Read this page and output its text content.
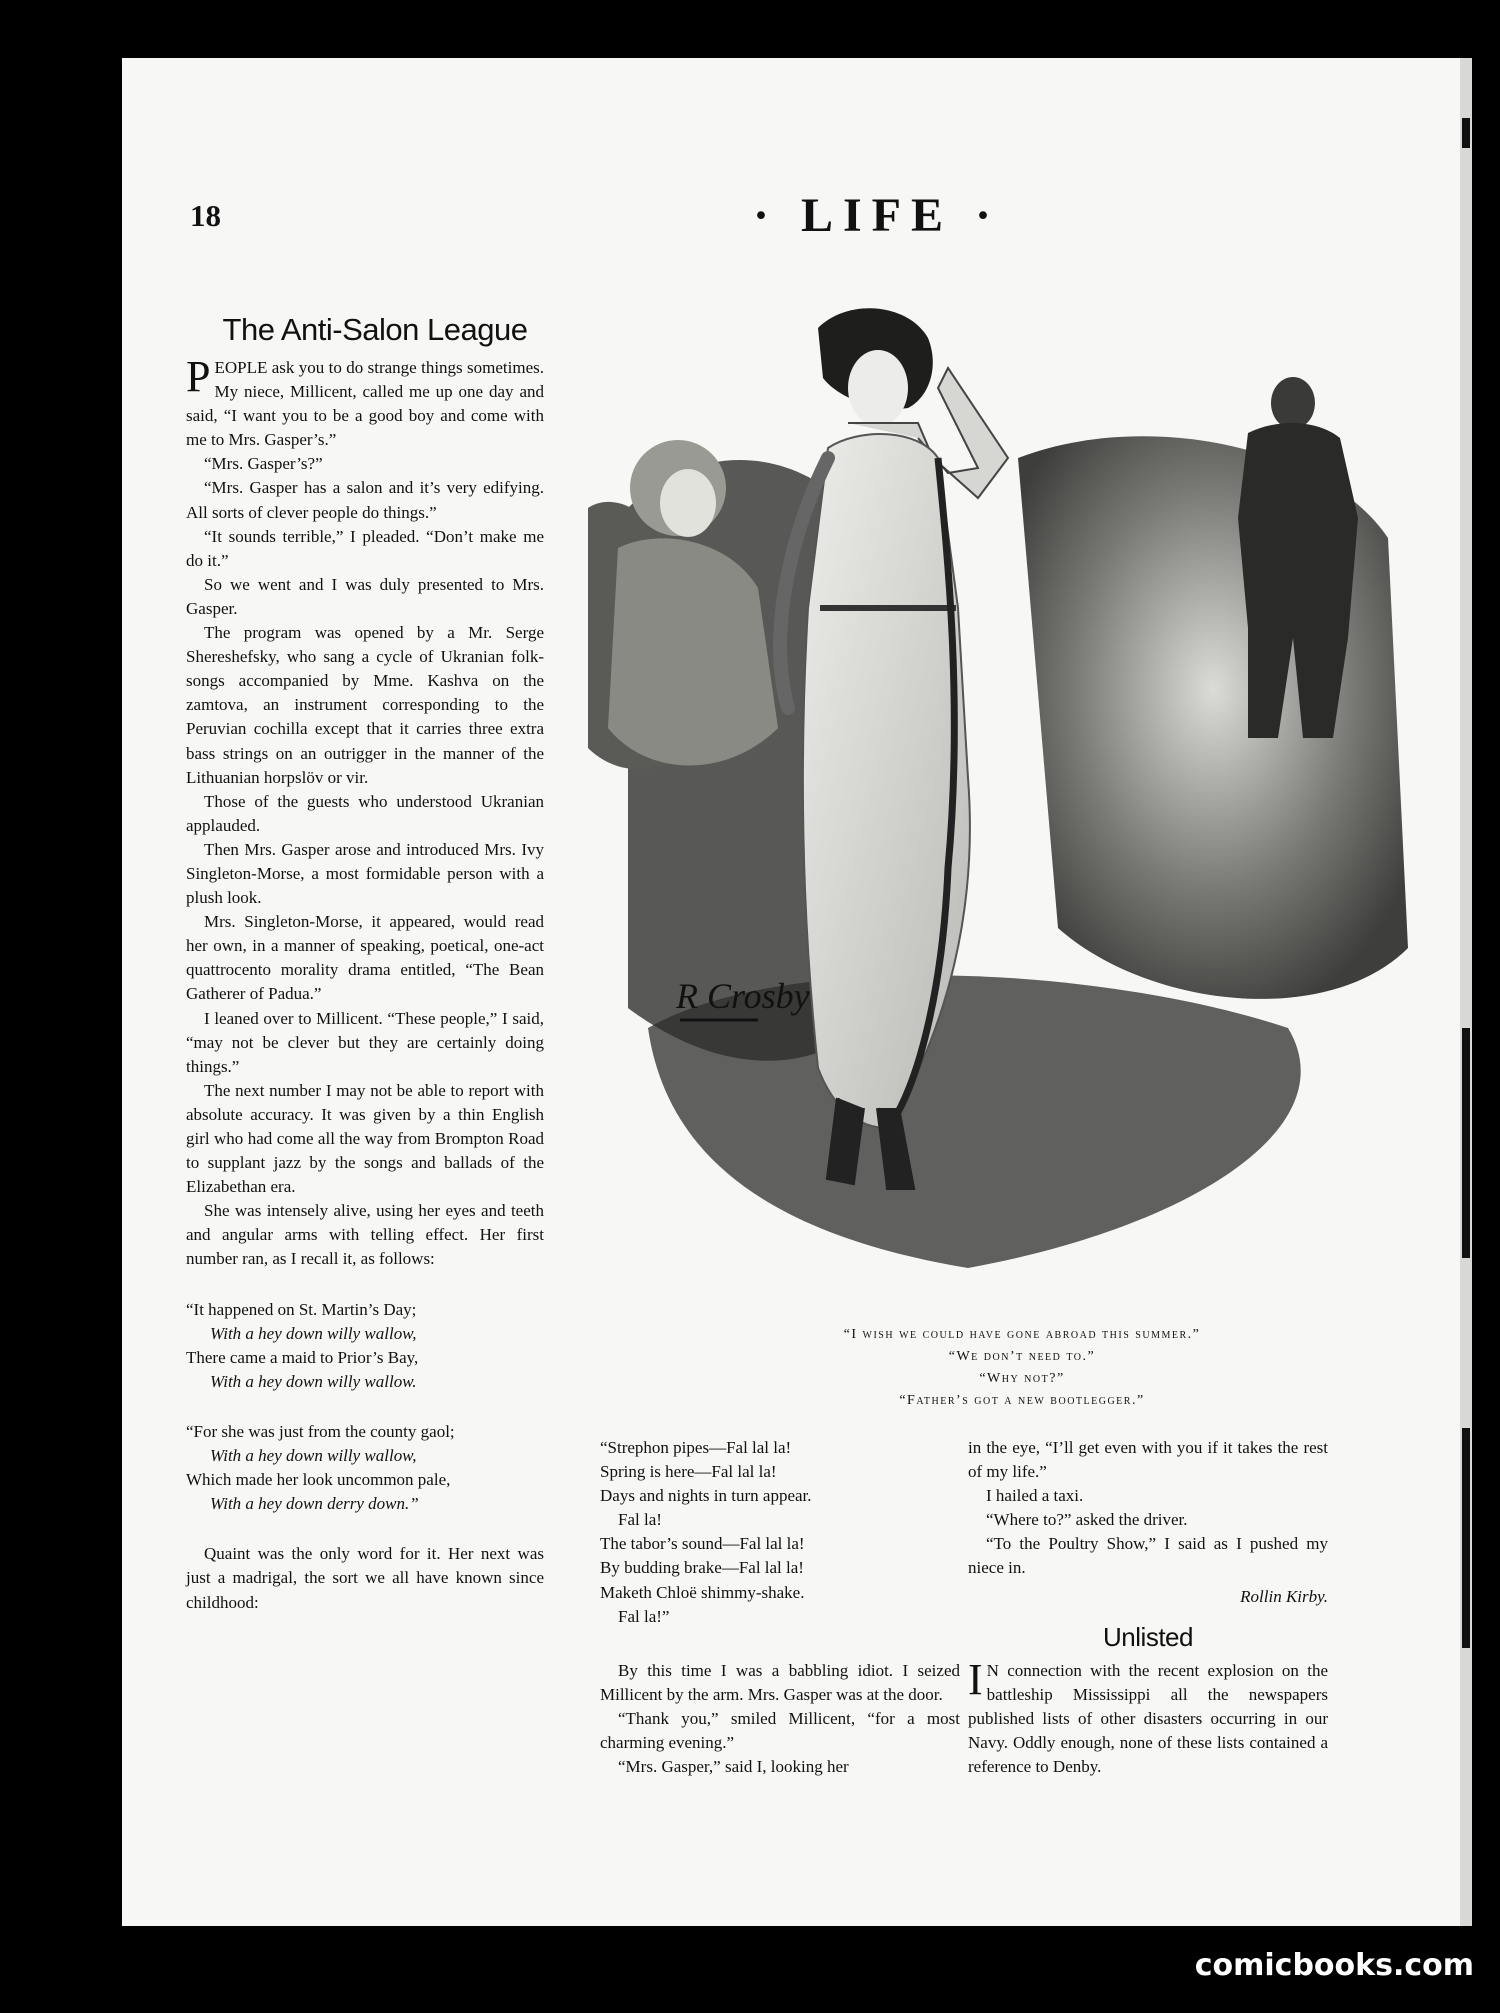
18	· LIFE ·
The Anti-Salon League

PEOPLE ask you to do strange things sometimes. My niece, Millicent, called me up one day and said, “I want you to be a good boy and come with me to Mrs. Gasper’s.”

“Mrs. Gasper’s?”

“Mrs. Gasper has a salon and it’s very edifying. All sorts of clever people do things.”

“It sounds terrible,” I pleaded. “Don’t make me do it.”

So we went and I was duly presented to Mrs. Gasper.

The program was opened by a Mr. Serge Shereshefsky, who sang a cycle of Ukranian folk-songs accompanied by Mme. Kashva on the zamtova, an instrument corresponding to the Peruvian cochilla except that it carries three extra bass strings on an outrigger in the manner of the Lithuanian horpslöv or vir.

Those of the guests who understood Ukranian applauded.

Then Mrs. Gasper arose and introduced Mrs. Ivy Singleton-Morse, a most formidable person with a plush look.

Mrs. Singleton-Morse, it appeared, would read her own, in a manner of speaking, poetical, one-act quattrocento morality drama entitled, “The Bean Gatherer of Padua.”

I leaned over to Millicent. “These people,” I said, “may not be clever but they are certainly doing things.”

The next number I may not be able to report with absolute accuracy. It was given by a thin English girl who had come all the way from Brompton Road to supplant jazz by the songs and ballads of the Elizabethan era.

She was intensely alive, using her eyes and teeth and angular arms with telling effect. Her first number ran, as I recall it, as follows:

“It happened on St. Martin’s Day;
With a hey down willy wallow,
There came a maid to Prior’s Bay,
With a hey down willy wallow.
“For she was just from the county gaol;
With a hey down willy wallow,
Which made her look uncommon pale,
With a hey down derry down.”

Quaint was the only word for it. Her next was just a madrigal, the sort we all have known since childhood:

R Crosby
“I wish we could have gone abroad this summer.”
“We don’t need to.”
“Why not?”
“Father’s got a new bootlegger.”
“Strephon pipes—Fal lal la!
Spring is here—Fal lal la!
Days and nights in turn appear.
Fal la!
The tabor’s sound—Fal lal la!
By budding brake—Fal lal la!
Maketh Chloë shimmy-shake.
Fal la!”

By this time I was a babbling idiot. I seized Millicent by the arm. Mrs. Gasper was at the door.

“Thank you,” smiled Millicent, “for a most charming evening.”

“Mrs. Gasper,” said I, looking her

in the eye, “I’ll get even with you if it takes the rest of my life.”

I hailed a taxi.

“Where to?” asked the driver.

“To the Poultry Show,” I said as I pushed my niece in.

Rollin Kirby.

Unlisted

I N connection with the recent explosion on the battleship Mississippi all the newspapers published lists of other disasters occurring in our Navy. Oddly enough, none of these lists contained a reference to Denby.

comicbooks.com
